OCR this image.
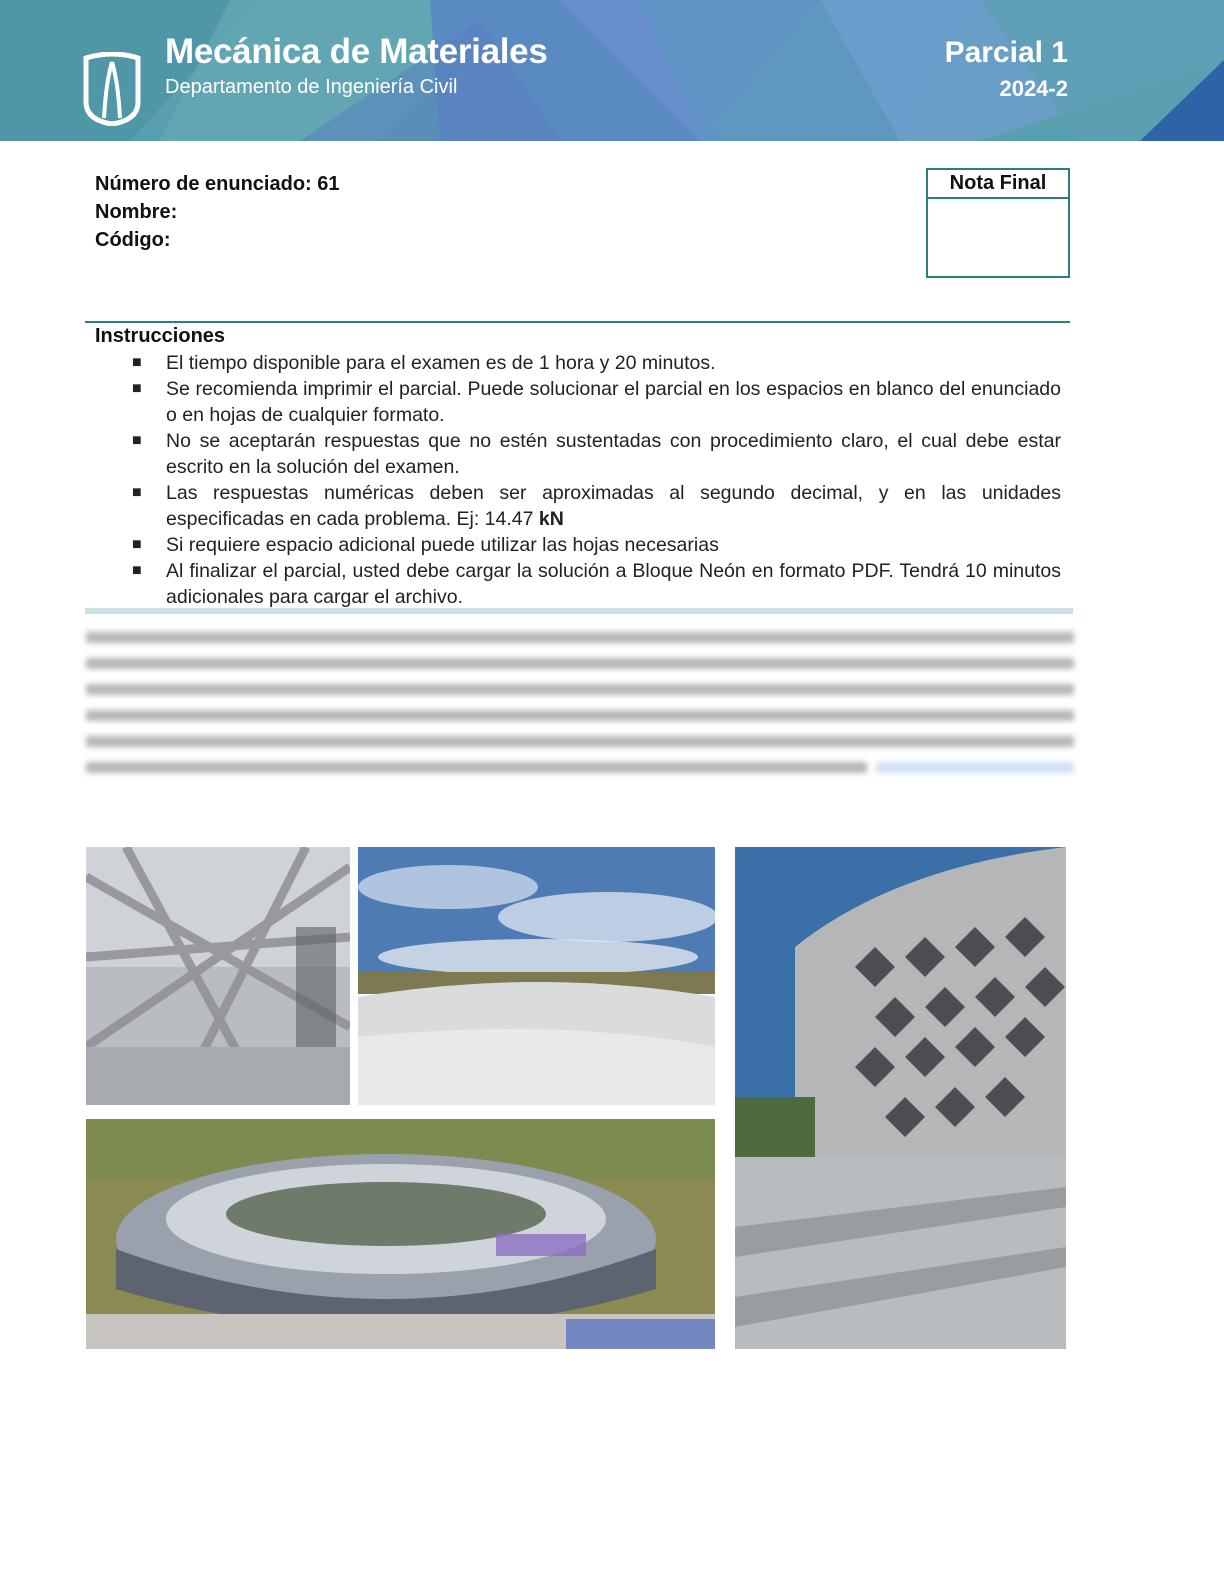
Mecánica de Materiales
Departamento de Ingeniería Civil
Parcial 1
2024-2
Número de enunciado: 61
Nombre:
Código:
Nota Final
Instrucciones
■ El tiempo disponible para el examen es de 1 hora y 20 minutos.
■ Se recomienda imprimir el parcial. Puede solucionar el parcial en los espacios en blanco del enunciado o en hojas de cualquier formato.
■ No se aceptarán respuestas que no estén sustentadas con procedimiento claro, el cual debe estar escrito en la solución del examen.
■ Las respuestas numéricas deben ser aproximadas al segundo decimal, y en las unidades especificadas en cada problema. Ej: 14.47 kN
■ Si requiere espacio adicional puede utilizar las hojas necesarias
■ Al finalizar el parcial, usted debe cargar la solución a Bloque Neón en formato PDF. Tendrá 10 minutos adicionales para cargar el archivo.
